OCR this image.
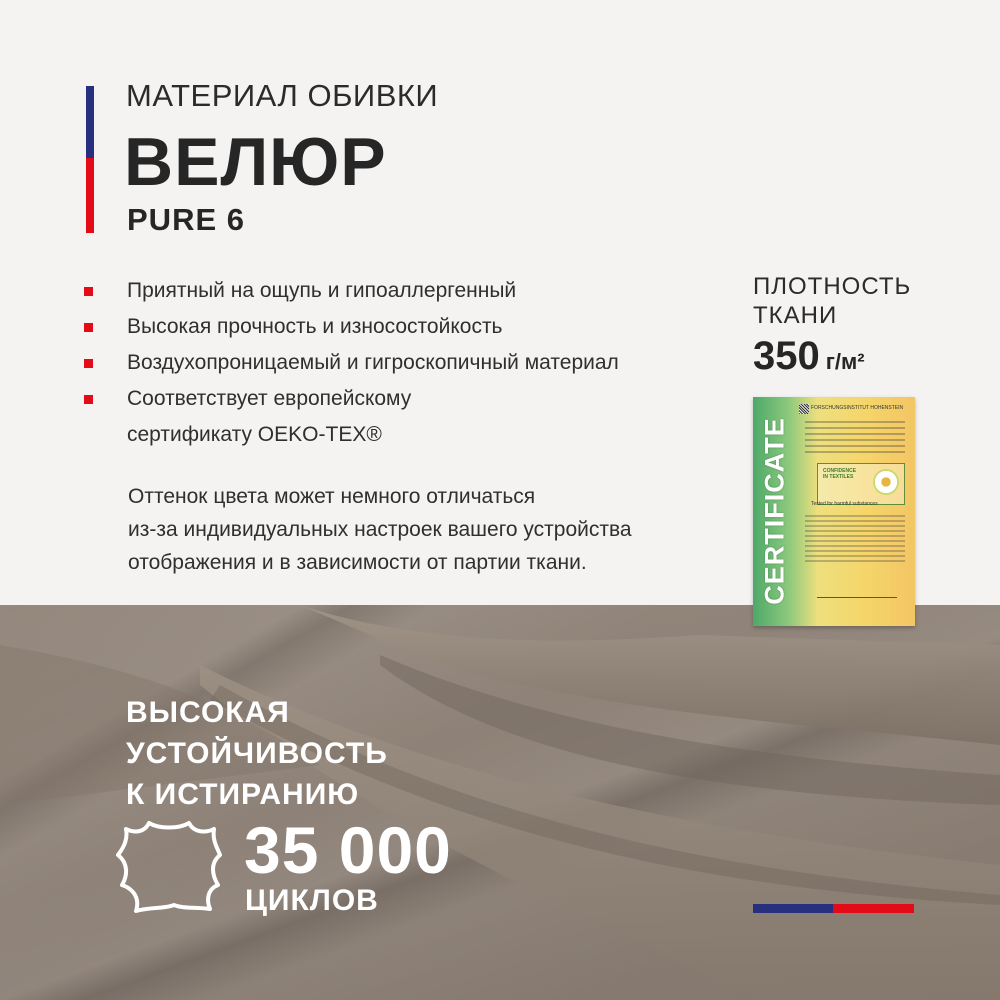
МАТЕРИАЛ ОБИВКИ
ВЕЛЮР
PURE 6
Приятный на ощупь и гипоаллергенный
Высокая прочность и износостойкость
Воздухопроницаемый и гигроскопичный материал
Соответствует европейскому
сертификату OEKO-TEX®
Оттенок цвета может немного отличаться
из-за индивидуальных настроек вашего устройства
отображения и в зависимости от партии ткани.
ПЛОТНОСТЬ
ТКАНИ
350 г/м²
CERTIFICATE
FORSCHUNGSINSTITUT HOHENSTEIN
CONFIDENCE
IN TEXTILES
Tested for harmful substances
ВЫСОКАЯ
УСТОЙЧИВОСТЬ
К ИСТИРАНИЮ
35 000
ЦИКЛОВ
